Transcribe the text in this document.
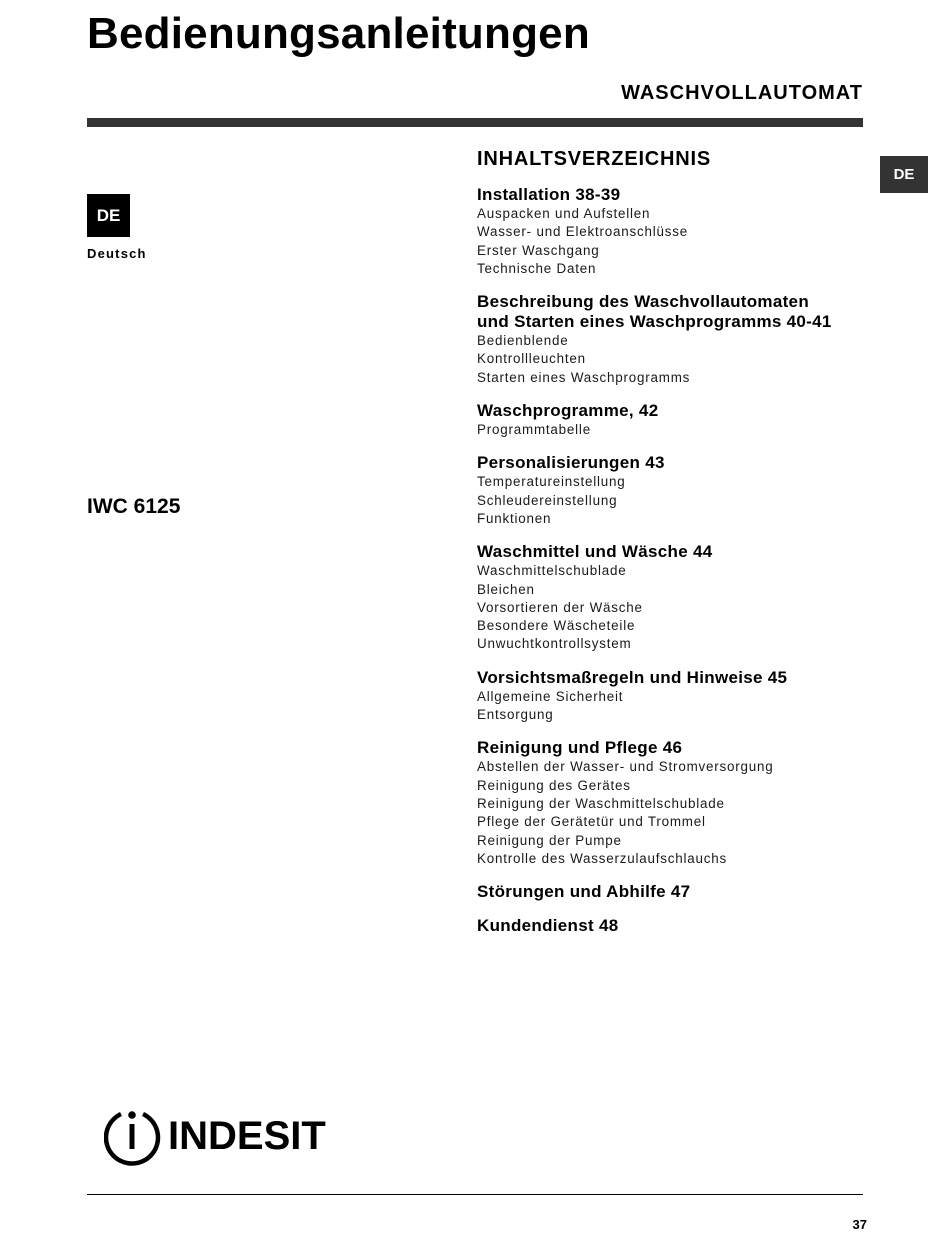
Bedienungsanleitungen
WASCHVOLLAUTOMAT
DE
DE
Deutsch
IWC 6125
INHALTSVERZEICHNIS
Installation 38-39
Auspacken und Aufstellen
Wasser- und Elektroanschlüsse
Erster Waschgang
Technische Daten
Beschreibung des Waschvollautomaten
und Starten eines Waschprogramms 40-41
Bedienblende
Kontrollleuchten
Starten eines Waschprogramms
Waschprogramme, 42
Programmtabelle
Personalisierungen 43
Temperatureinstellung
Schleudereinstellung
Funktionen
Waschmittel und Wäsche 44
Waschmittelschublade
Bleichen
Vorsortieren der Wäsche
Besondere Wäscheteile
Unwuchtkontrollsystem
Vorsichtsmaßregeln und Hinweise 45
Allgemeine Sicherheit
Entsorgung
Reinigung und Pflege 46
Abstellen der Wasser- und Stromversorgung
Reinigung des Gerätes
Reinigung der Waschmittelschublade
Pflege der Gerätetür und Trommel
Reinigung der Pumpe
Kontrolle des Wasserzulaufschlauchs
Störungen und Abhilfe 47
Kundendienst 48
INDESIT
37
